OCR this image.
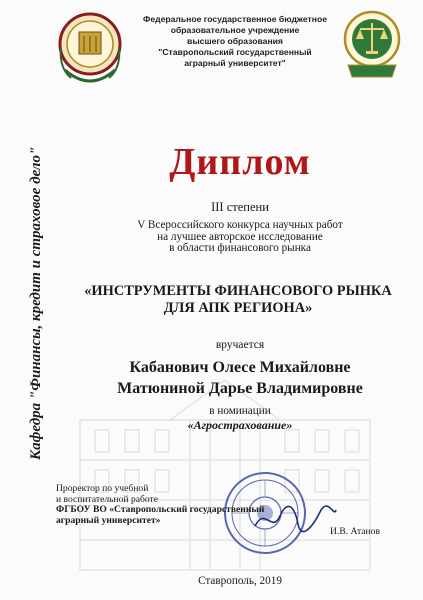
Федеральное государственное бюджетное
образовательное учреждение
высшего образования
"Ставропольский государственный
аграрный университет"
Кафедра "Финансы, кредит и страховое дело"	Диплом
III степени
V Всероссийского конкурса научных работ
на лучшее авторское исследование
в области финансового рынка
«ИНСТРУМЕНТЫ ФИНАНСОВОГО РЫНКА
ДЛЯ АПК РЕГИОНА»
вручается
Кабанович Олесе Михайловне
Матюниной Дарье Владимировне
в номинации
«Агрострахование»
Проректор по учебной
и воспитательной работе
ФГБОУ ВО «Ставропольский государственный
аграрный университет»
И.В. Атанов
Ставрополь, 2019
